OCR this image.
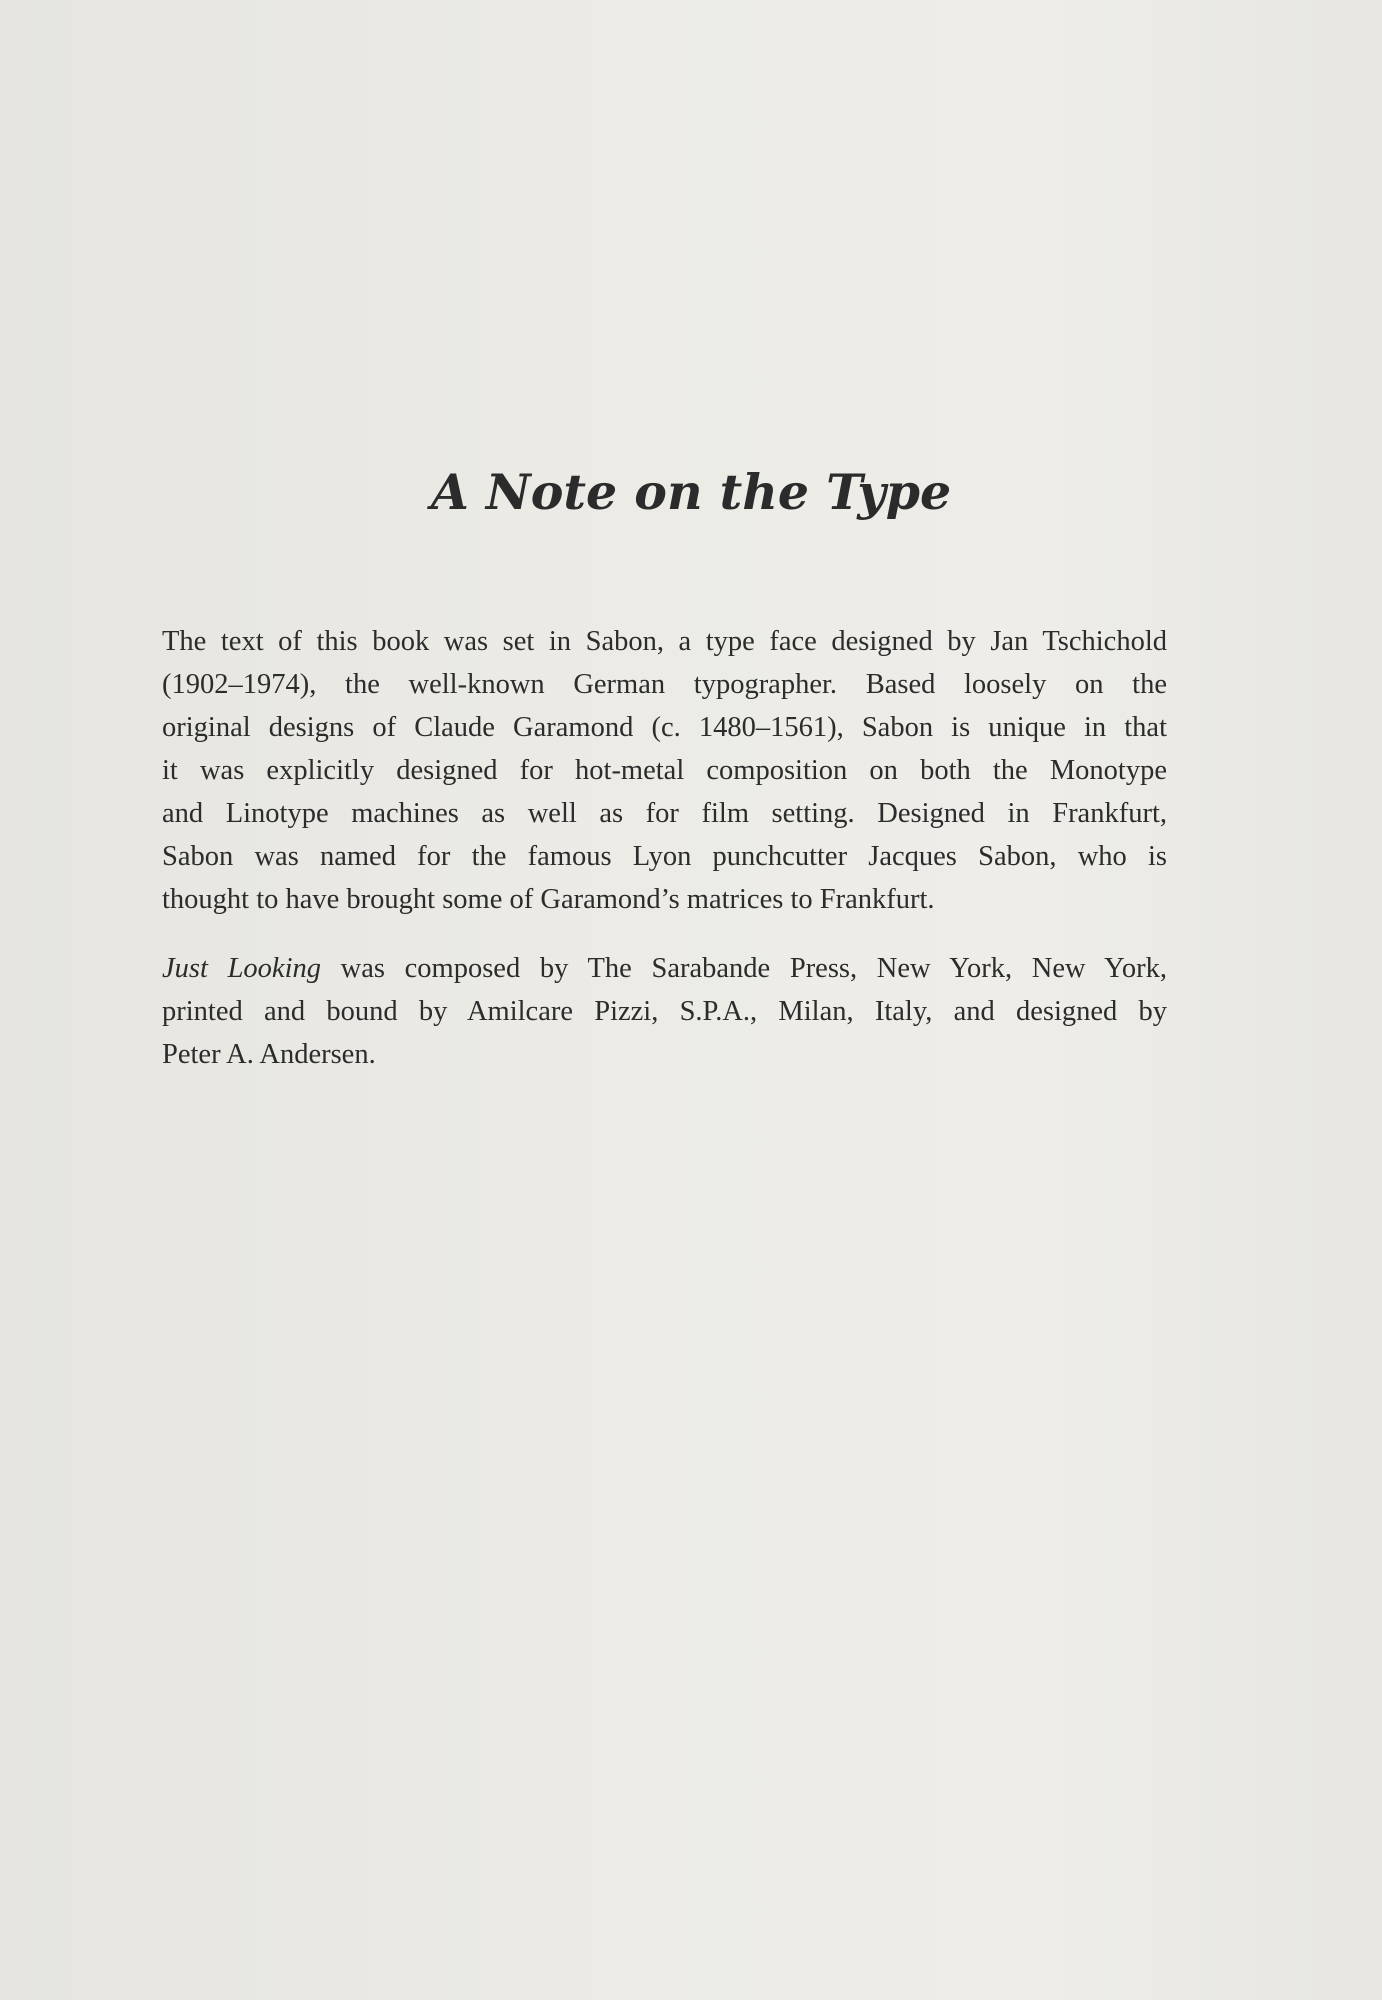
A Note on the Type

The text of this book was set in Sabon, a type face designed by Jan Tschichold
(1902–1974), the well-known German typographer. Based loosely on the
original designs of Claude Garamond (c. 1480–1561), Sabon is unique in that
it was explicitly designed for hot-metal composition on both the Monotype
and Linotype machines as well as for film setting. Designed in Frankfurt,
Sabon was named for the famous Lyon punchcutter Jacques Sabon, who is
thought to have brought some of Garamond’s matrices to Frankfurt.

Just Looking was composed by The Sarabande Press, New York, New York,
printed and bound by Amilcare Pizzi, S.P.A., Milan, Italy, and designed by
Peter A. Andersen.
